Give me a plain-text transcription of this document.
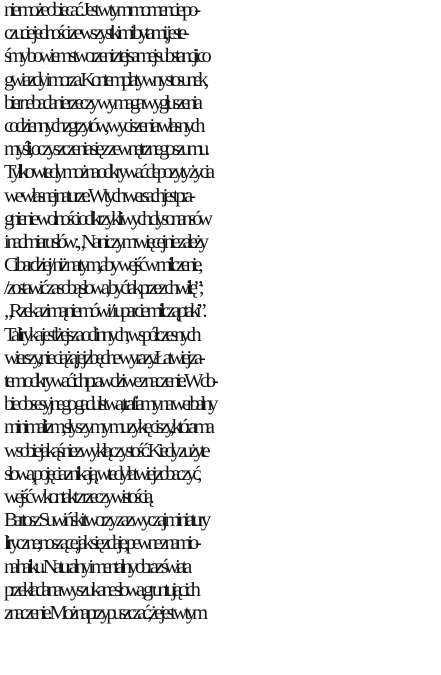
nie może obiecać. Jest w tym momencie po-
czucie jedności ze wszystkimi bytami, jeste-
śmy bowiem stworzeni z tej samej substancji co
gwiazdy i morza. Kontemplatywny stosunek,
bierne badanie rzeczy wymaga wygłuszenia
codziennych zgrzytów, wyciszenia własnych
myśli, oczyszczenia się z zewnętrznego szumu.
Tylko wtedy można odkrywać depozyty życia
we własnej naturze. W tych wersach jest pra-
gnienie wolności od krzykliwych dysonansów
i nadmiaru słów: „Na niczym więcej nie zależy
Ci bardziej / niż na tym, aby wejść w milczenie,
/ zostawić za sobą słowa, być tak przez chwilę”;
„Rzeka zimą nie mówi / i uparcie milczą ptaki”.
Ta liryka jest lżejsza od innych, współczesnych
wierszy, nie ciążą jej zbędne wyrazy. Łatwiej za-
tem odkrywać ich prawdziwe znaczenie. W do-
bie obsesyjnego gadulstwa, trafiamy na werbalny
minimalizm, słyszymy muzykę ciszy, która ma
w sobie jakąś niezwykłą czystość. Kiedy zużyte
słowa, pojęcia znikają, wtedy łatwiej zobaczyć,
wejść w kontakt z rzeczywistością.
Bartosz Suwiński tworzy zazwyczaj miniatury
liryczne, noszące, jak się zdaje, pewne znamio-
na haiku. Naturalny i mentalny obraz świata
przekłada na wyszukane słowa, gruntując ich
znaczenie. Można przypuszczać, że jest w tym
